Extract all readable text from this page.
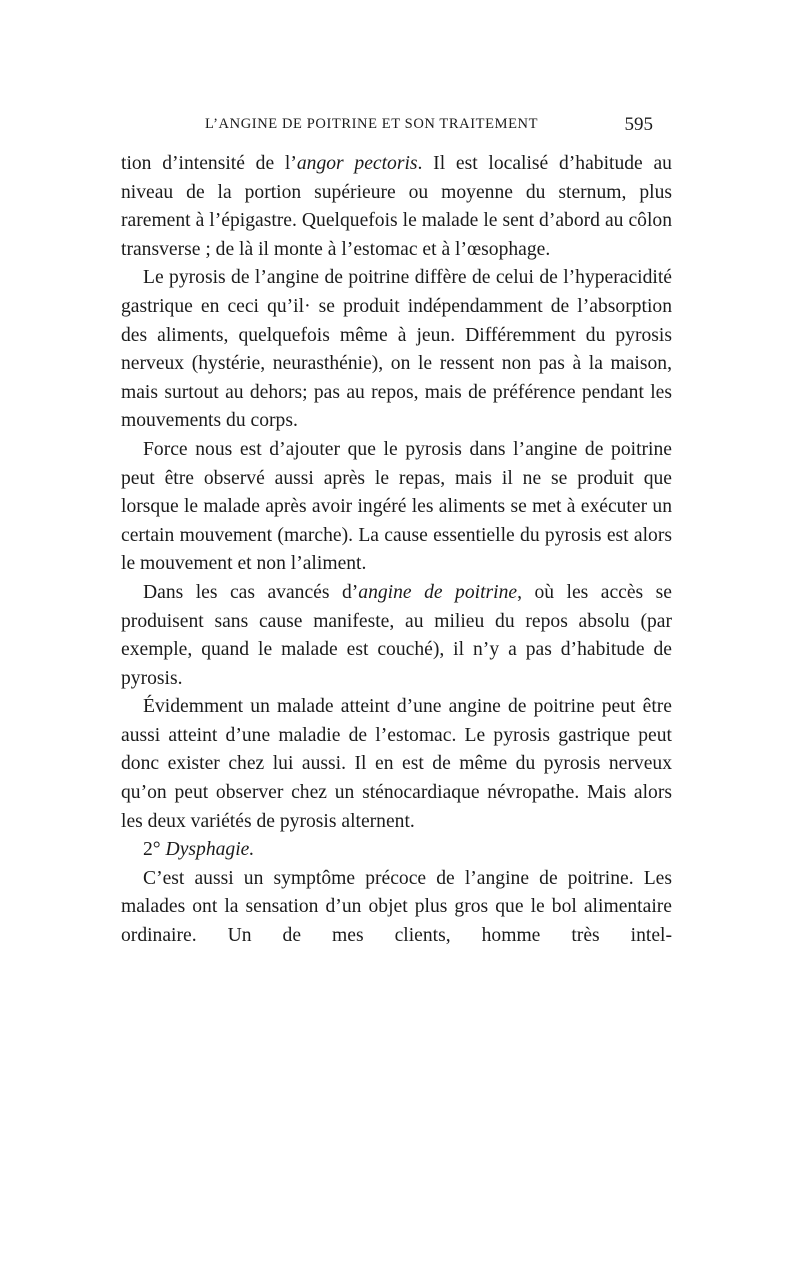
L’ANGINE DE POITRINE ET SON TRAITEMENT	595

tion d’intensité de l’angor pectoris. Il est localisé d’habitude au niveau de la portion supérieure ou moyenne du sternum, plus rarement à l’épigastre. Quelquefois le malade le sent d’abord au côlon transverse ; de là il monte à l’estomac et à l’œsophage.

Le pyrosis de l’angine de poitrine diffère de celui de l’hyperacidité gastrique en ceci qu’il· se produit indépendamment de l’absorption des aliments, quelquefois même à jeun. Différemment du pyrosis nerveux (hystérie, neurasthénie), on le ressent non pas à la maison, mais surtout au dehors; pas au repos, mais de préférence pendant les mouvements du corps.

Force nous est d’ajouter que le pyrosis dans l’angine de poitrine peut être observé aussi après le repas, mais il ne se produit que lorsque le malade après avoir ingéré les aliments se met à exécuter un certain mouvement (marche). La cause essentielle du pyrosis est alors le mouvement et non l’aliment.

Dans les cas avancés d’angine de poitrine, où les accès se produisent sans cause manifeste, au milieu du repos absolu (par exemple, quand le malade est couché), il n’y a pas d’habitude de pyrosis.

Évidemment un malade atteint d’une angine de poitrine peut être aussi atteint d’une maladie de l’estomac. Le pyrosis gastrique peut donc exister chez lui aussi. Il en est de même du pyrosis nerveux qu’on peut observer chez un sténocardiaque névropathe. Mais alors les deux variétés de pyrosis alternent.

2° Dysphagie.

C’est aussi un symptôme précoce de l’angine de poitrine. Les malades ont la sensation d’un objet plus gros que le bol alimentaire ordinaire. Un de mes clients, homme très intel-
